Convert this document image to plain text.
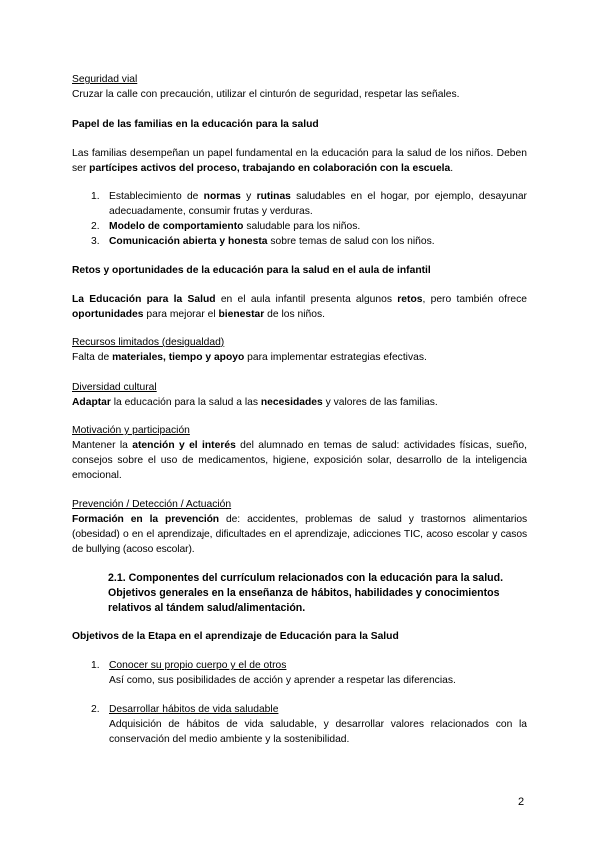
Seguridad vial
Cruzar la calle con precaución, utilizar el cinturón de seguridad, respetar las señales.
Papel de las familias en la educación para la salud
Las familias desempeñan un papel fundamental en la educación para la salud de los niños. Deben ser partícipes activos del proceso, trabajando en colaboración con la escuela.
1. Establecimiento de normas y rutinas saludables en el hogar, por ejemplo, desayunar adecuadamente, consumir frutas y verduras.
2. Modelo de comportamiento saludable para los niños.
3. Comunicación abierta y honesta sobre temas de salud con los niños.
Retos y oportunidades de la educación para la salud en el aula de infantil
La Educación para la Salud en el aula infantil presenta algunos retos, pero también ofrece oportunidades para mejorar el bienestar de los niños.
Recursos limitados (desigualdad)
Falta de materiales, tiempo y apoyo para implementar estrategias efectivas.
Diversidad cultural
Adaptar la educación para la salud a las necesidades y valores de las familias.
Motivación y participación
Mantener la atención y el interés del alumnado en temas de salud: actividades físicas, sueño, consejos sobre el uso de medicamentos, higiene, exposición solar, desarrollo de la inteligencia emocional.
Prevención / Detección / Actuación
Formación en la prevención de: accidentes, problemas de salud y trastornos alimentarios (obesidad) o en el aprendizaje, dificultades en el aprendizaje, adicciones TIC, acoso escolar y casos de bullying (acoso escolar).
2.1. Componentes del currículum relacionados con la educación para la salud.
Objetivos generales en la enseñanza de hábitos, habilidades y conocimientos
relativos al tándem salud/alimentación.
Objetivos de la Etapa en el aprendizaje de Educación para la Salud
1. Conocer su propio cuerpo y el de otros
Así como, sus posibilidades de acción y aprender a respetar las diferencias.
2. Desarrollar hábitos de vida saludable
Adquisición de hábitos de vida saludable, y desarrollar valores relacionados con la conservación del medio ambiente y la sostenibilidad.
2
